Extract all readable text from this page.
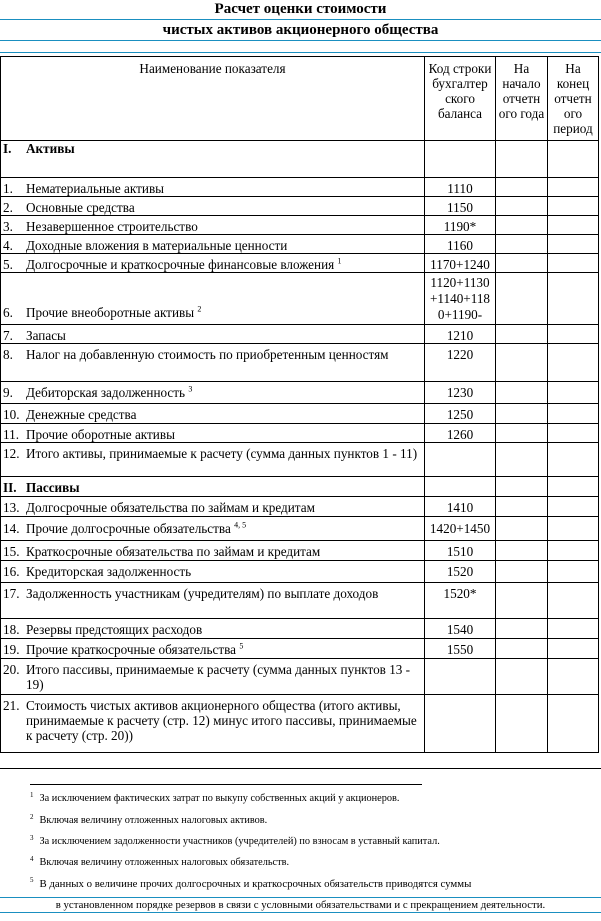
Расчет оценки стоимости
чистых активов акционерного общества
Наименование показателя	Код строки бухгалтер ского баланса	На начало отчетн ого года	На конец отчетн ого период

I. Активы			

1. Нематериальные активы	1110		

2. Основные средства	1150		

3. Незавершенное строительство	1190*		

4. Доходные вложения в материальные ценности	1160		

5. Долгосрочные и краткосрочные финансовые вложения $^1$	1170+1240		

6. Прочие внеоборотные активы $^2$	1120+1130+1140+1180+1190-		

7. Запасы	1210		

8. Налог на добавленную стоимость по приобретенным ценностям	1220		

9. Дебиторская задолженность $^3$	1230		

10. Денежные средства	1250		

11. Прочие оборотные активы	1260		

12. Итого активы, принимаемые к расчету (сумма данных пунктов 1 - 11)			

II. Пассивы			

13. Долгосрочные обязательства по займам и кредитам	1410		

14. Прочие долгосрочные обязательства $^{4, 5}$	1420+1450		

15. Краткосрочные обязательства по займам и кредитам	1510		

16. Кредиторская задолженность	1520		

17. Задолженность участникам (учредителям) по выплате доходов	1520*		

18. Резервы предстоящих расходов	1540		

19. Прочие краткосрочные обязательства $^5$	1550		

20. Итого пассивы, принимаемые к расчету (сумма данных пунктов 13 - 19)			

21. Стоимость чистых активов акционерного общества (итого активы, принимаемые к расчету (стр. 12) минус итого пассивы, принимаемые к расчету (стр. 20))			

$^1$ За исключением фактических затрат по выкупу собственных акций у акционеров.
$^2$ Включая величину отложенных налоговых активов.
$^3$ За исключением задолженности участников (учредителей) по взносам в уставный капитал.
$^4$ Включая величину отложенных налоговых обязательств.
$^5$ В данных о величине прочих долгосрочных и краткосрочных обязательств приводятся суммы
в установленном порядке резервов в связи с условными обязательствами и с прекращением деятельности.
